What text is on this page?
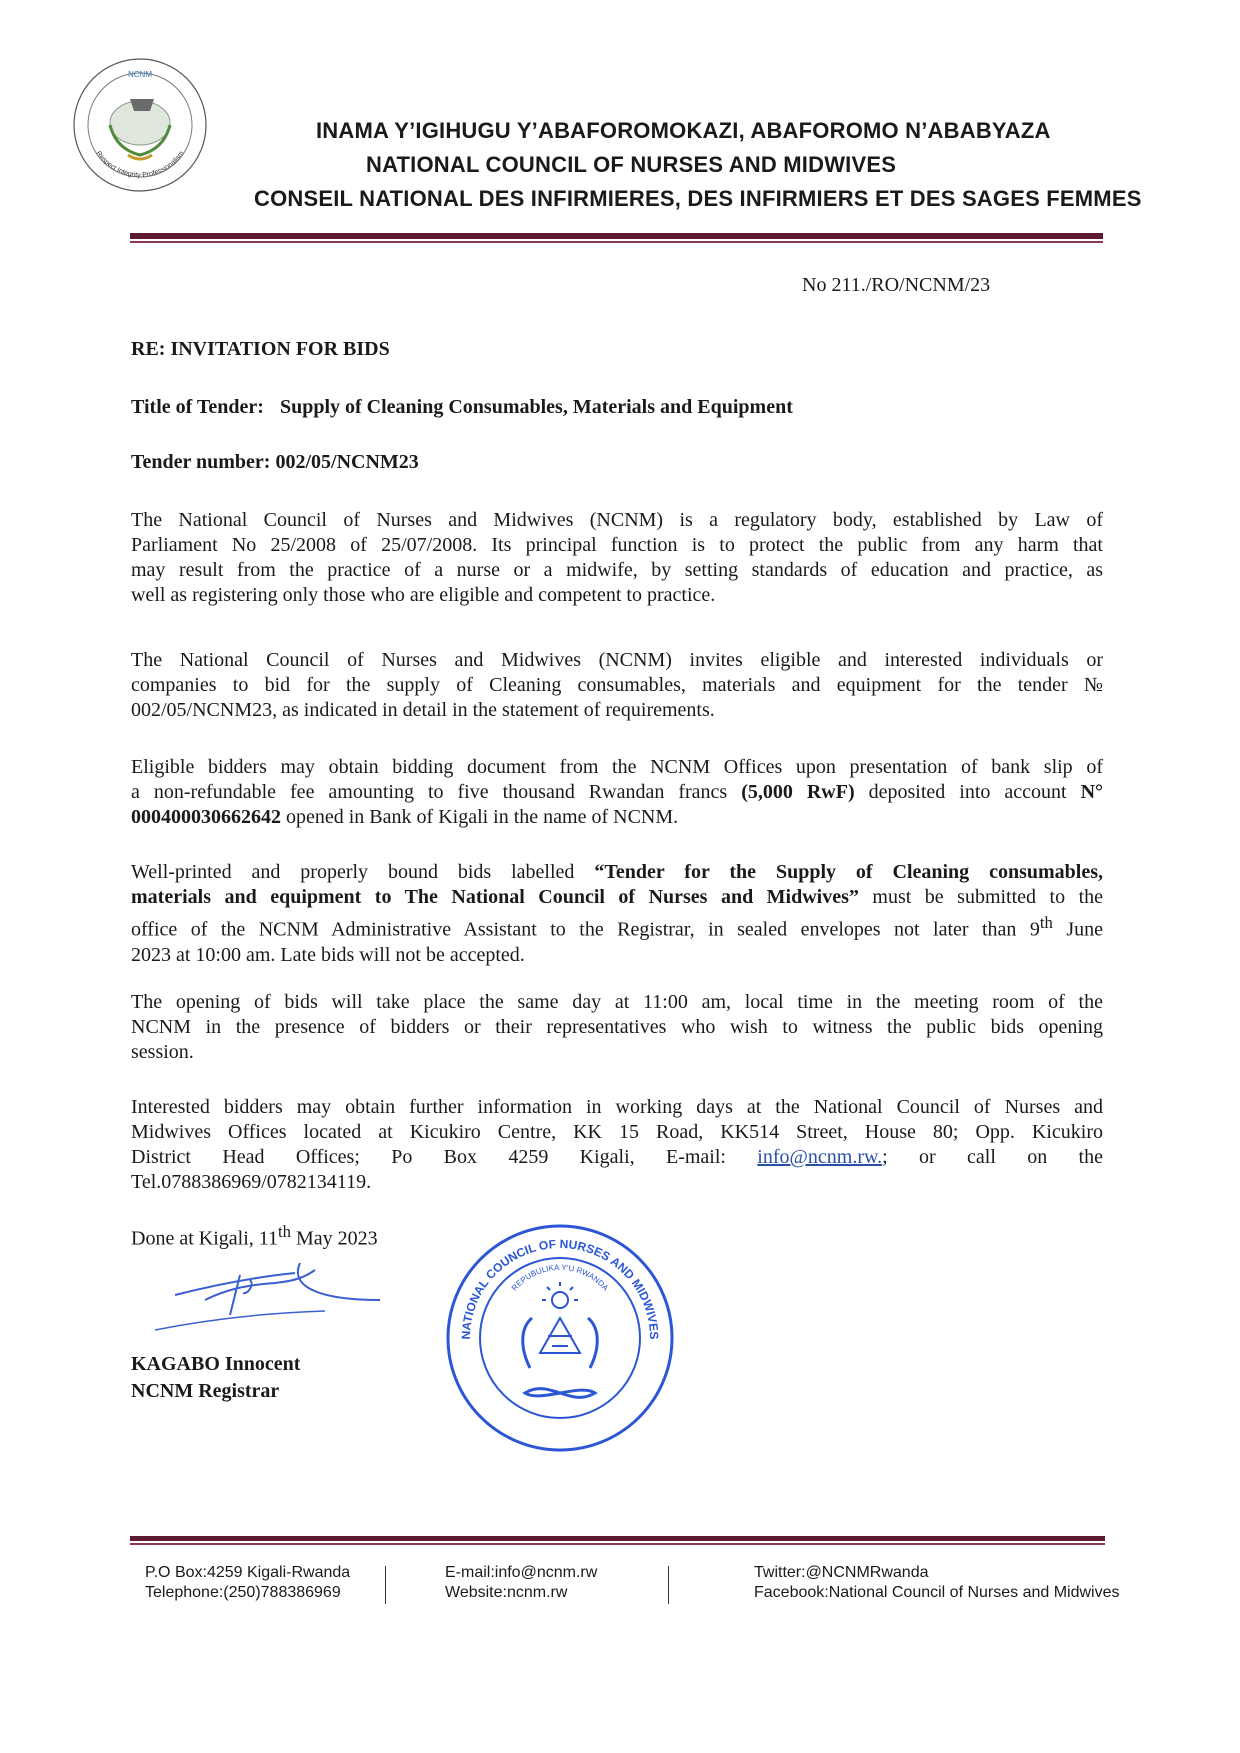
NCNM
Respect Integrity Professionalism
INAMA Y’IGIHUGU Y’ABAFOROMOKAZI, ABAFOROMO N’ABABYAZA
NATIONAL COUNCIL OF NURSES AND MIDWIVES
CONSEIL NATIONAL DES INFIRMIERES, DES INFIRMIERS ET DES SAGES FEMMES
No 211./RO/NCNM/23
RE: INVITATION FOR BIDS
Title of Tender: Supply of Cleaning Consumables, Materials and Equipment
Tender number: 002/05/NCNM23
The National Council of Nurses and Midwives (NCNM) is a regulatory body, established by Law of
Parliament No 25/2008 of 25/07/2008. Its principal function is to protect the public from any harm that
may result from the practice of a nurse or a midwife, by setting standards of education and practice, as
well as registering only those who are eligible and competent to practice.
The National Council of Nurses and Midwives (NCNM) invites eligible and interested individuals or
companies to bid for the supply of Cleaning consumables, materials and equipment for the tender №
002/05/NCNM23, as indicated in detail in the statement of requirements.
Eligible bidders may obtain bidding document from the NCNM Offices upon presentation of bank slip of
a non-refundable fee amounting to five thousand Rwandan francs (5,000 RwF) deposited into account N°
000400030662642 opened in Bank of Kigali in the name of NCNM.
Well-printed and properly bound bids labelled “Tender for the Supply of Cleaning consumables,
materials and equipment to The National Council of Nurses and Midwives” must be submitted to the
office of the NCNM Administrative Assistant to the Registrar, in sealed envelopes not later than 9th June
2023 at 10:00 am. Late bids will not be accepted.
The opening of bids will take place the same day at 11:00 am, local time in the meeting room of the
NCNM in the presence of bidders or their representatives who wish to witness the public bids opening
session.
Interested bidders may obtain further information in working days at the National Council of Nurses and
Midwives Offices located at Kicukiro Centre, KK 15 Road, KK514 Street, House 80; Opp. Kicukiro
District Head Offices; Po Box 4259 Kigali, E-mail: info@ncnm.rw.; or call on the
Tel.0788386969/0782134119.
Done at Kigali, 11th May 2023
KAGABO Innocent
NCNM Registrar
NATIONAL COUNCIL OF NURSES AND MIDWIVES
REPUBULIKA Y'U RWANDA
P.O Box:4259 Kigali-Rwanda
Telephone:(250)788386969
E-mail:info@ncnm.rw
Website:ncnm.rw
Twitter:@NCNMRwanda
Facebook:National Council of Nurses and Midwives
